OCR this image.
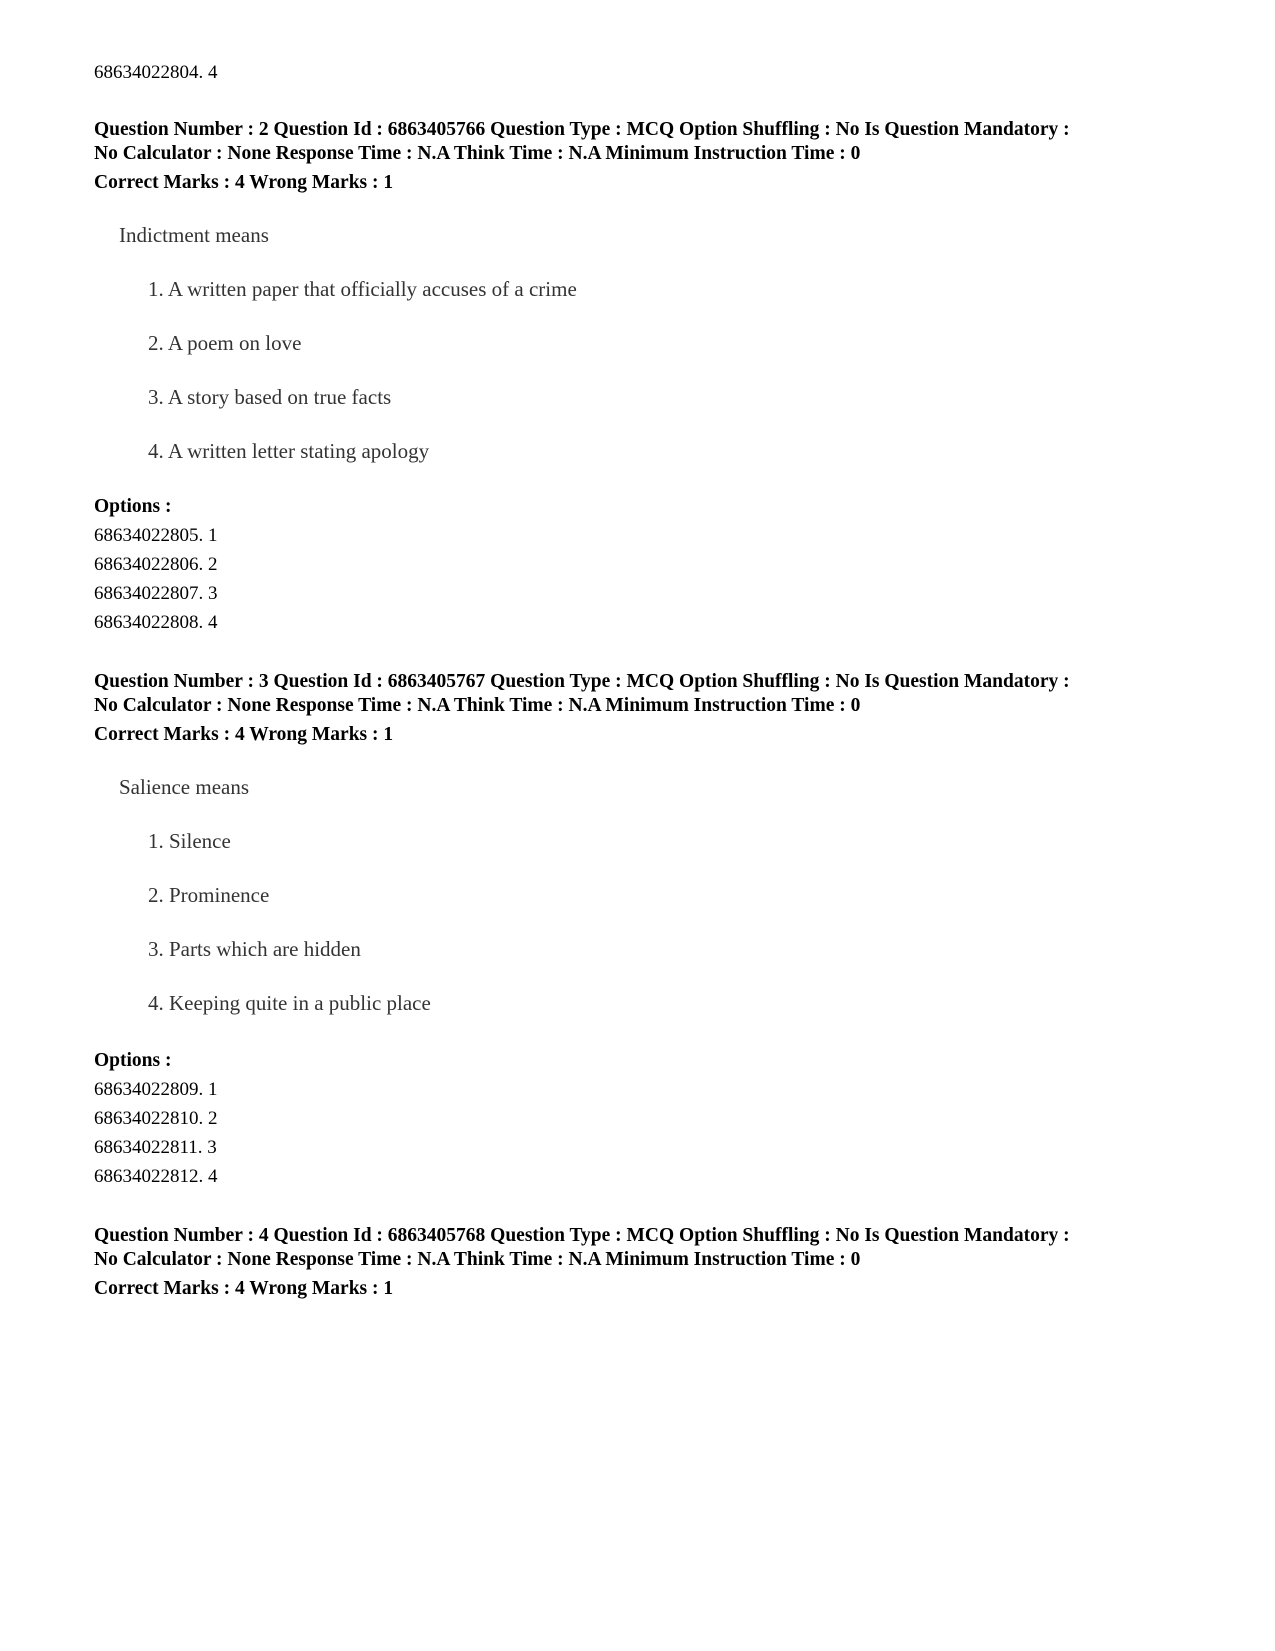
68634022804. 4
Question Number : 2 Question Id : 6863405766 Question Type : MCQ Option Shuffling : No Is Question Mandatory :
No Calculator : None Response Time : N.A Think Time : N.A Minimum Instruction Time : 0
Correct Marks : 4 Wrong Marks : 1
Indictment means
1. A written paper that officially accuses of a crime
2. A poem on love
3. A story based on true facts
4. A written letter stating apology
Options :
68634022805. 1
68634022806. 2
68634022807. 3
68634022808. 4
Question Number : 3 Question Id : 6863405767 Question Type : MCQ Option Shuffling : No Is Question Mandatory :
No Calculator : None Response Time : N.A Think Time : N.A Minimum Instruction Time : 0
Correct Marks : 4 Wrong Marks : 1
Salience means
1. Silence
2. Prominence
3. Parts which are hidden
4. Keeping quite in a public place
Options :
68634022809. 1
68634022810. 2
68634022811. 3
68634022812. 4
Question Number : 4 Question Id : 6863405768 Question Type : MCQ Option Shuffling : No Is Question Mandatory :
No Calculator : None Response Time : N.A Think Time : N.A Minimum Instruction Time : 0
Correct Marks : 4 Wrong Marks : 1
